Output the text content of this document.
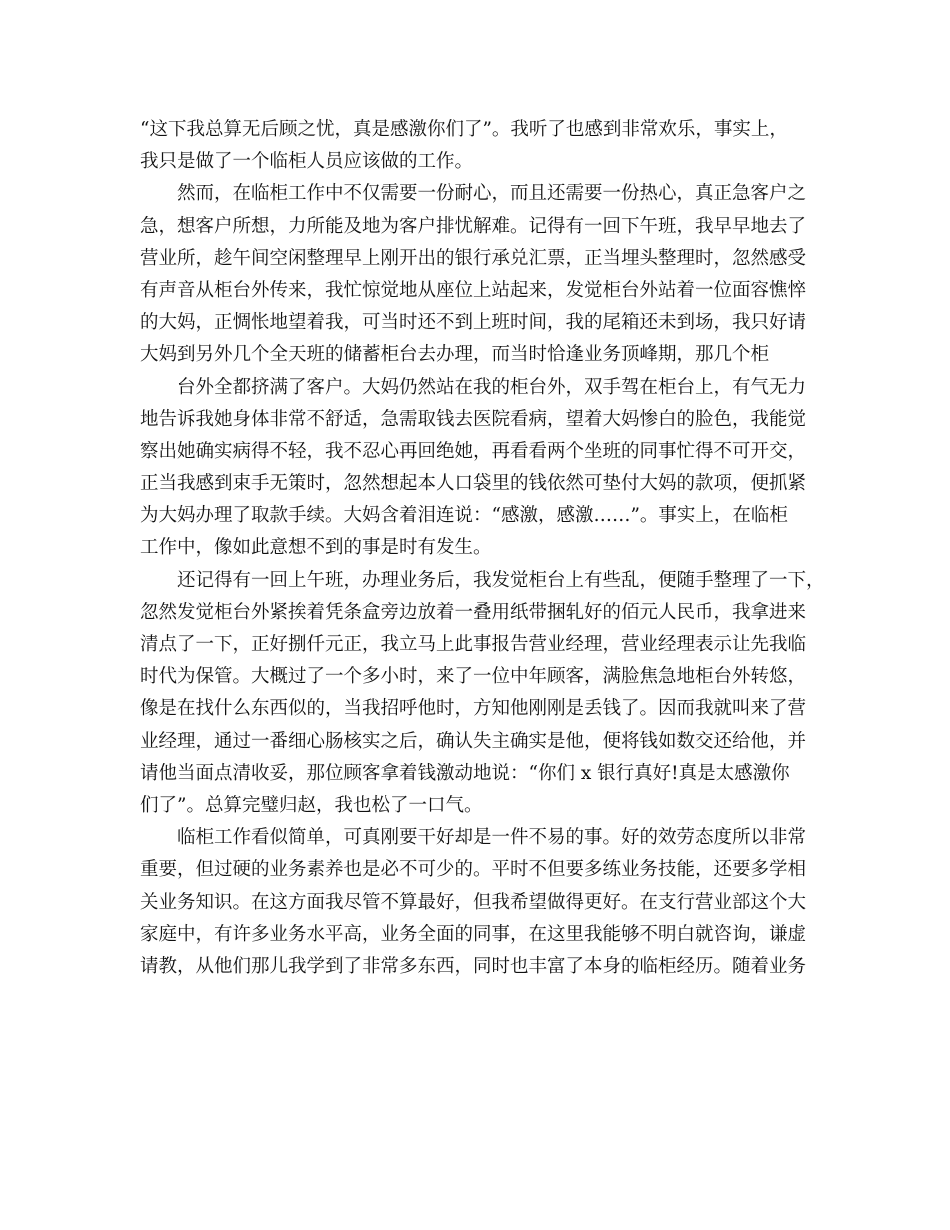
“这下我总算无后顾之忧，真是感激你们了”。我听了也感到非常欢乐，事实上，
我只是做了一个临柜人员应该做的工作。
然而，在临柜工作中不仅需要一份耐心，而且还需要一份热心，真正急客户之
急，想客户所想，力所能及地为客户排忧解难。记得有一回下午班，我早早地去了
营业所，趁午间空闲整理早上刚开出的银行承兑汇票，正当埋头整理时，忽然感受
有声音从柜台外传来，我忙惊觉地从座位上站起来，发觉柜台外站着一位面容憔悴
的大妈，正惆怅地望着我，可当时还不到上班时间，我的尾箱还未到场，我只好请
大妈到另外几个全天班的储蓄柜台去办理，而当时恰逢业务顶峰期，那几个柜
台外全都挤满了客户。大妈仍然站在我的柜台外，双手驾在柜台上，有气无力
地告诉我她身体非常不舒适，急需取钱去医院看病，望着大妈惨白的脸色，我能觉
察出她确实病得不轻，我不忍心再回绝她，再看看两个坐班的同事忙得不可开交，
正当我感到束手无策时，忽然想起本人口袋里的钱依然可垫付大妈的款项，便抓紧
为大妈办理了取款手续。大妈含着泪连说：“感激，感激……”。事实上，在临柜
工作中，像如此意想不到的事是时有发生。
还记得有一回上午班，办理业务后，我发觉柜台上有些乱，便随手整理了一下，
忽然发觉柜台外紧挨着凭条盒旁边放着一叠用纸带捆轧好的佰元人民币，我拿进来
清点了一下，正好捌仟元正，我立马上此事报告营业经理，营业经理表示让先我临
时代为保管。大概过了一个多小时，来了一位中年顾客，满脸焦急地柜台外转悠，
像是在找什么东西似的，当我招呼他时，方知他刚刚是丢钱了。因而我就叫来了营
业经理，通过一番细心肠核实之后，确认失主确实是他，便将钱如数交还给他，并
请他当面点清收妥，那位顾客拿着钱激动地说：“你们 x 银行真好!真是太感激你
们了”。总算完璧归赵，我也松了一口气。
临柜工作看似简单，可真刚要干好却是一件不易的事。好的效劳态度所以非常
重要，但过硬的业务素养也是必不可少的。平时不但要多练业务技能，还要多学相
关业务知识。在这方面我尽管不算最好，但我希望做得更好。在支行营业部这个大
家庭中，有许多业务水平高，业务全面的同事，在这里我能够不明白就咨询，谦虚
请教，从他们那儿我学到了非常多东西，同时也丰富了本身的临柜经历。随着业务
